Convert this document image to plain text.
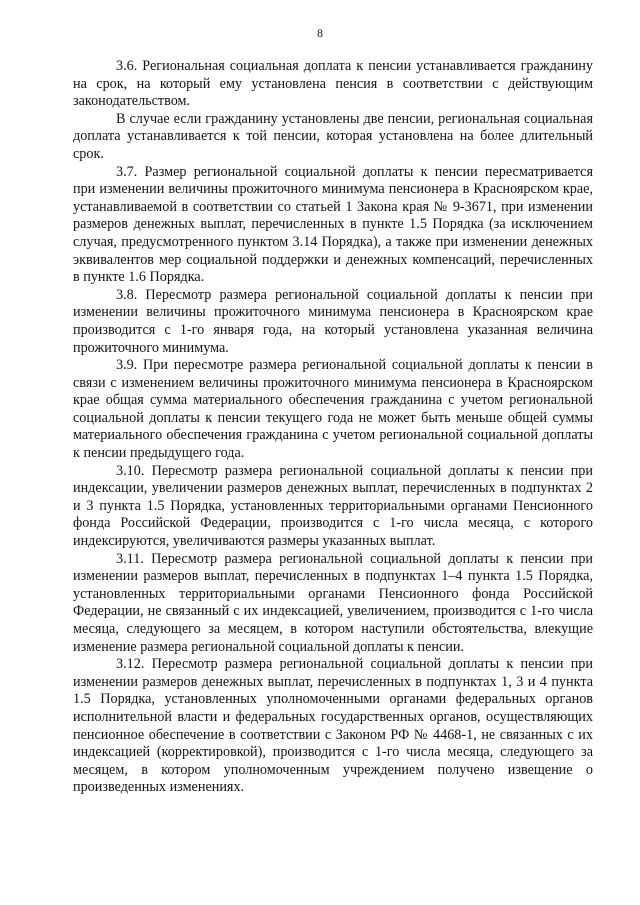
8

3.6. Региональная социальная доплата к пенсии устанавливается гражданину на срок, на который ему установлена пенсия в соответствии с действующим законодательством.

В случае если гражданину установлены две пенсии, региональная социальная доплата устанавливается к той пенсии, которая установлена на более длительный срок.

3.7. Размер региональной социальной доплаты к пенсии пересматривается при изменении величины прожиточного минимума пенсионера в Красноярском крае, устанавливаемой в соответствии со статьей 1 Закона края № 9-3671, при изменении размеров денежных выплат, перечисленных в пункте 1.5 Порядка (за исключением случая, предусмотренного пунктом 3.14 Порядка), а также при изменении денежных эквивалентов мер социальной поддержки и денежных компенсаций, перечисленных в пункте 1.6 Порядка.

3.8. Пересмотр размера региональной социальной доплаты к пенсии при изменении величины прожиточного минимума пенсионера в Красноярском крае производится с 1-го января года, на который установлена указанная величина прожиточного минимума.

3.9. При пересмотре размера региональной социальной доплаты к пенсии в связи с изменением величины прожиточного минимума пенсионера в Красноярском крае общая сумма материального обеспечения гражданина с учетом региональной социальной доплаты к пенсии текущего года не может быть меньше общей суммы материального обеспечения гражданина с учетом региональной социальной доплаты к пенсии предыдущего года.

3.10. Пересмотр размера региональной социальной доплаты к пенсии при индексации, увеличении размеров денежных выплат, перечисленных в подпунктах 2 и 3 пункта 1.5 Порядка, установленных территориальными органами Пенсионного фонда Российской Федерации, производится с 1-го числа месяца, с которого индексируются, увеличиваются размеры указанных выплат.

3.11. Пересмотр размера региональной социальной доплаты к пенсии при изменении размеров выплат, перечисленных в подпунктах 1–4 пункта 1.5 Порядка, установленных территориальными органами Пенсионного фонда Российской Федерации, не связанный с их индексацией, увеличением, производится с 1-го числа месяца, следующего за месяцем, в котором наступили обстоятельства, влекущие изменение размера региональной социальной доплаты к пенсии.

3.12. Пересмотр размера региональной социальной доплаты к пенсии при изменении размеров денежных выплат, перечисленных в подпунктах 1, 3 и 4 пункта 1.5 Порядка, установленных уполномоченными органами федеральных органов исполнительной власти и федеральных государственных органов, осуществляющих пенсионное обеспечение в соответствии с Законом РФ № 4468-1, не связанных с их индексацией (корректировкой), производится с 1-го числа месяца, следующего за месяцем, в котором уполномоченным учреждением получено извещение о произведенных изменениях.
